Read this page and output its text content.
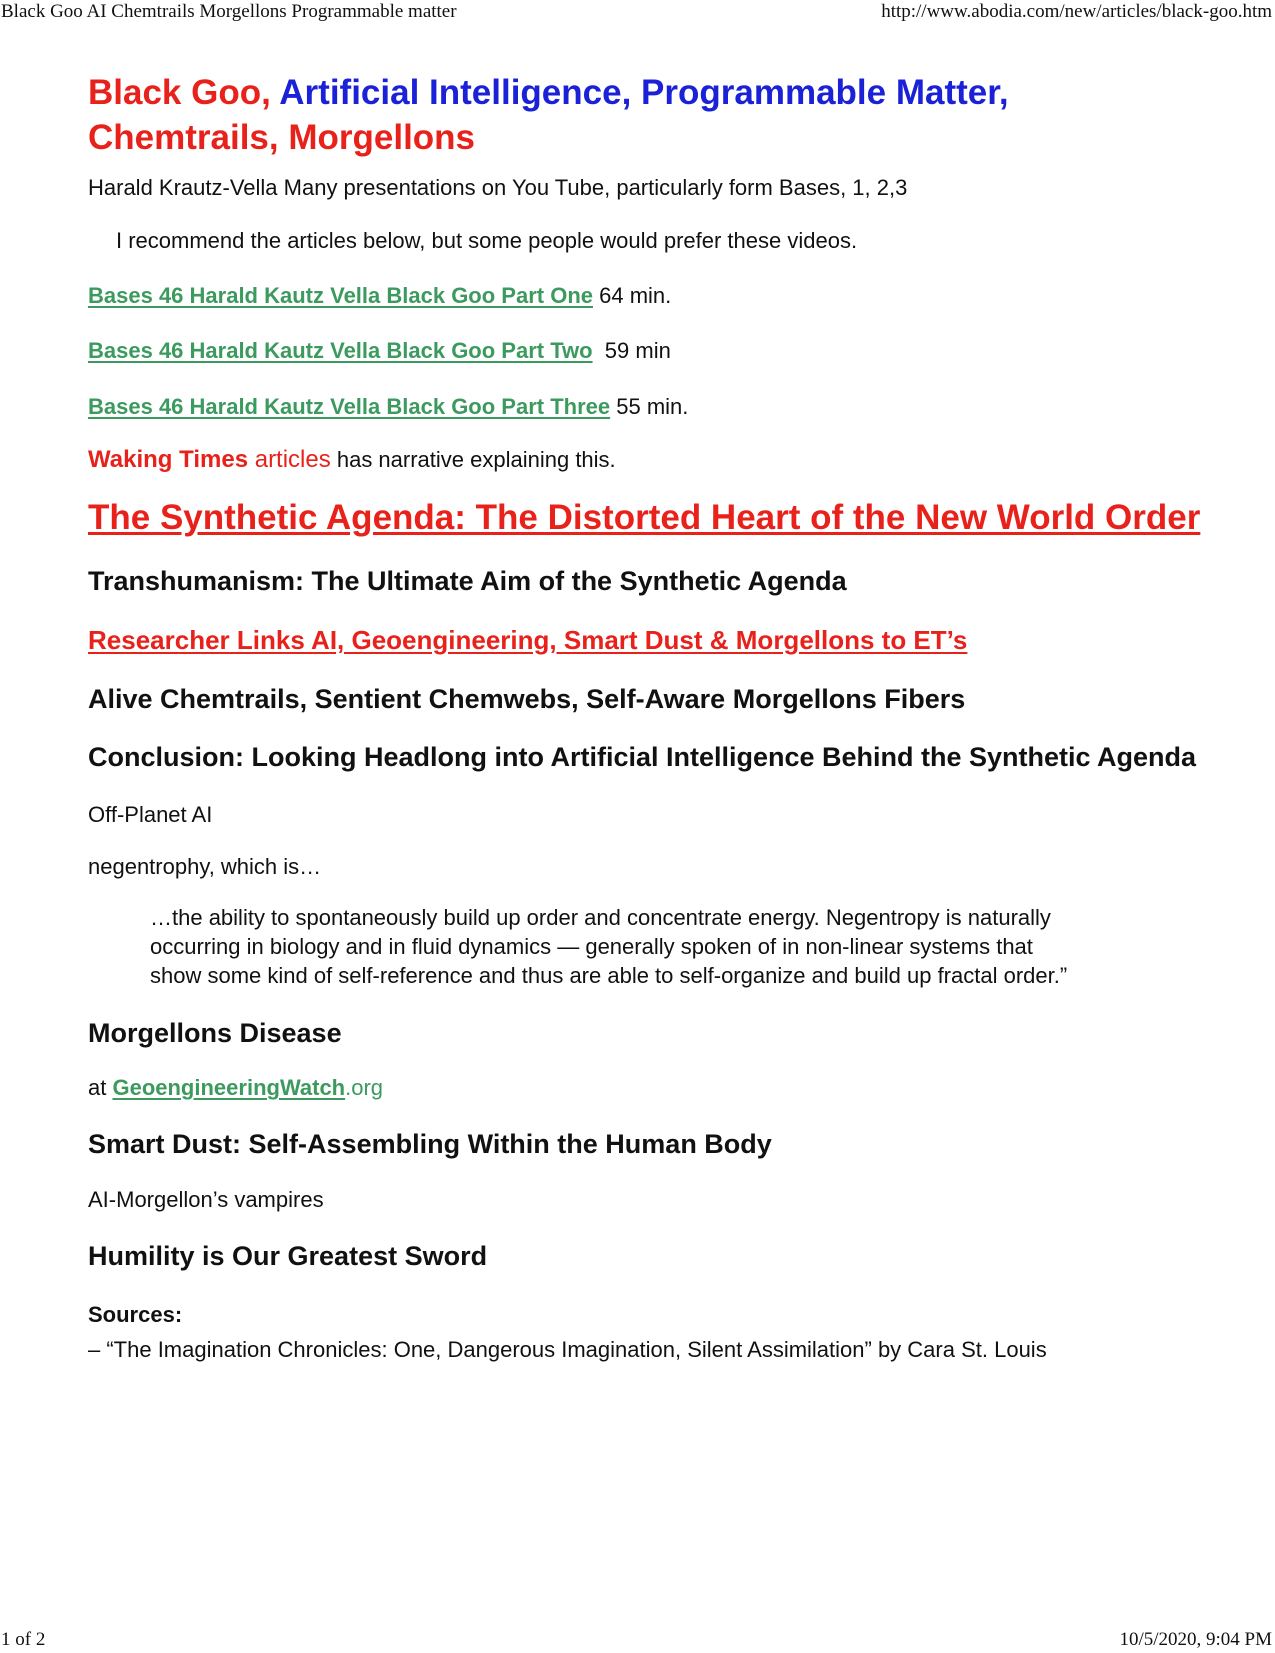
Black Goo AI Chemtrails Morgellons Programmable matter	http://www.abodia.com/new/articles/black-goo.htm
Black Goo, Artificial Intelligence, Programmable Matter,
Chemtrails, Morgellons

Harald Krautz-Vella Many presentations on You Tube, particularly form Bases, 1, 2,3

I recommend the articles below, but some people would prefer these videos.

Bases 46 Harald Kautz Vella Black Goo Part One 64 min.

Bases 46 Harald Kautz Vella Black Goo Part Two  59 min

Bases 46 Harald Kautz Vella Black Goo Part Three 55 min.

Waking Times articles has narrative explaining this.

The Synthetic Agenda: The Distorted Heart of the New World Order
Transhumanism: The Ultimate Aim of the Synthetic Agenda
Researcher Links AI, Geoengineering, Smart Dust & Morgellons to ET’s
Alive Chemtrails, Sentient Chemwebs, Self-Aware Morgellons Fibers
Conclusion: Looking Headlong into Artificial Intelligence Behind the Synthetic Agenda

Off-Planet AI

negentrophy, which is…

…the ability to spontaneously build up order and concentrate energy. Negentropy is naturally occurring in biology and in fluid dynamics — generally spoken of in non-linear systems that show some kind of self-reference and thus are able to self-organize and build up fractal order.”
Morgellons Disease

at GeoengineeringWatch.org

Smart Dust: Self-Assembling Within the Human Body

AI-Morgellon’s vampires

Humility is Our Greatest Sword

Sources:

– “The Imagination Chronicles: One, Dangerous Imagination, Silent Assimilation” by Cara St. Louis

1 of 2	10/5/2020, 9:04 PM
